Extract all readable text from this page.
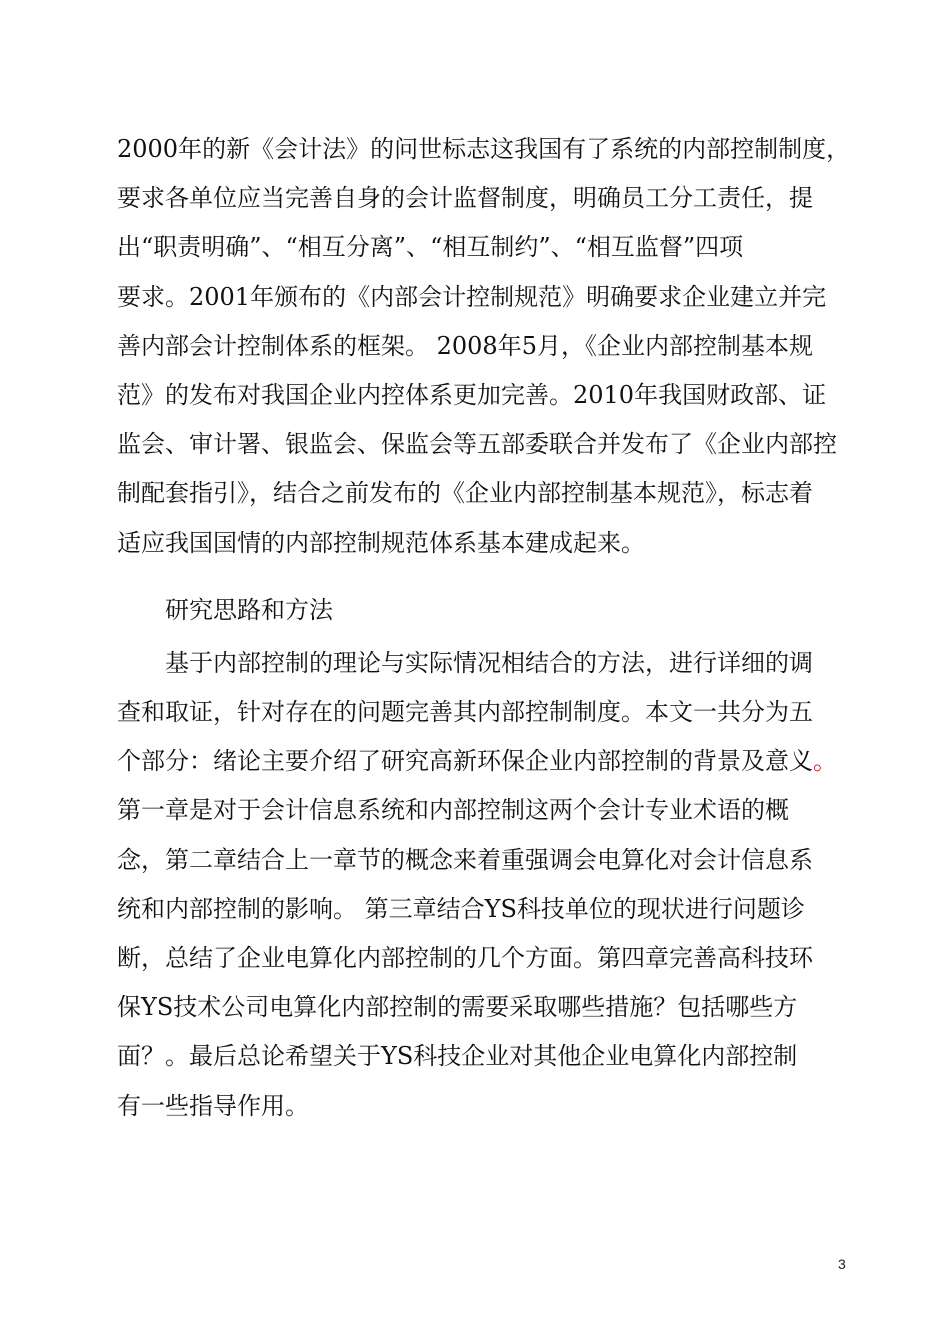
2000年的新《会计法》的问世标志这我国有了系统的内部控制制度，
要求各单位应当完善自身的会计监督制度，明确员工分工责任，提
出“职责明确”、“相互分离”、“相互制约”、“相互监督”四项
要求。2001年颁布的《内部会计控制规范》明确要求企业建立并完
善内部会计控制体系的框架。 2008年5月，《企业内部控制基本规
范》的发布对我国企业内控体系更加完善。2010年我国财政部、证
监会、审计署、银监会、保监会等五部委联合并发布了《企业内部控
制配套指引》，结合之前发布的《企业内部控制基本规范》，标志着
适应我国国情的内部控制规范体系基本建成起来。
研究思路和方法
基于内部控制的理论与实际情况相结合的方法，进行详细的调
查和取证，针对存在的问题完善其内部控制制度。本文一共分为五
个部分：绪论主要介绍了研究高新环保企业内部控制的背景及意义。
第一章是对于会计信息系统和内部控制这两个会计专业术语的概
念，第二章结合上一章节的概念来着重强调会电算化对会计信息系
统和内部控制的影响。 第三章结合YS科技单位的现状进行问题诊
断，总结了企业电算化内部控制的几个方面。第四章完善高科技环
保YS技术公司电算化内部控制的需要采取哪些措施？包括哪些方
面？。最后总论希望关于YS科技企业对其他企业电算化内部控制
有一些指导作用。
3
